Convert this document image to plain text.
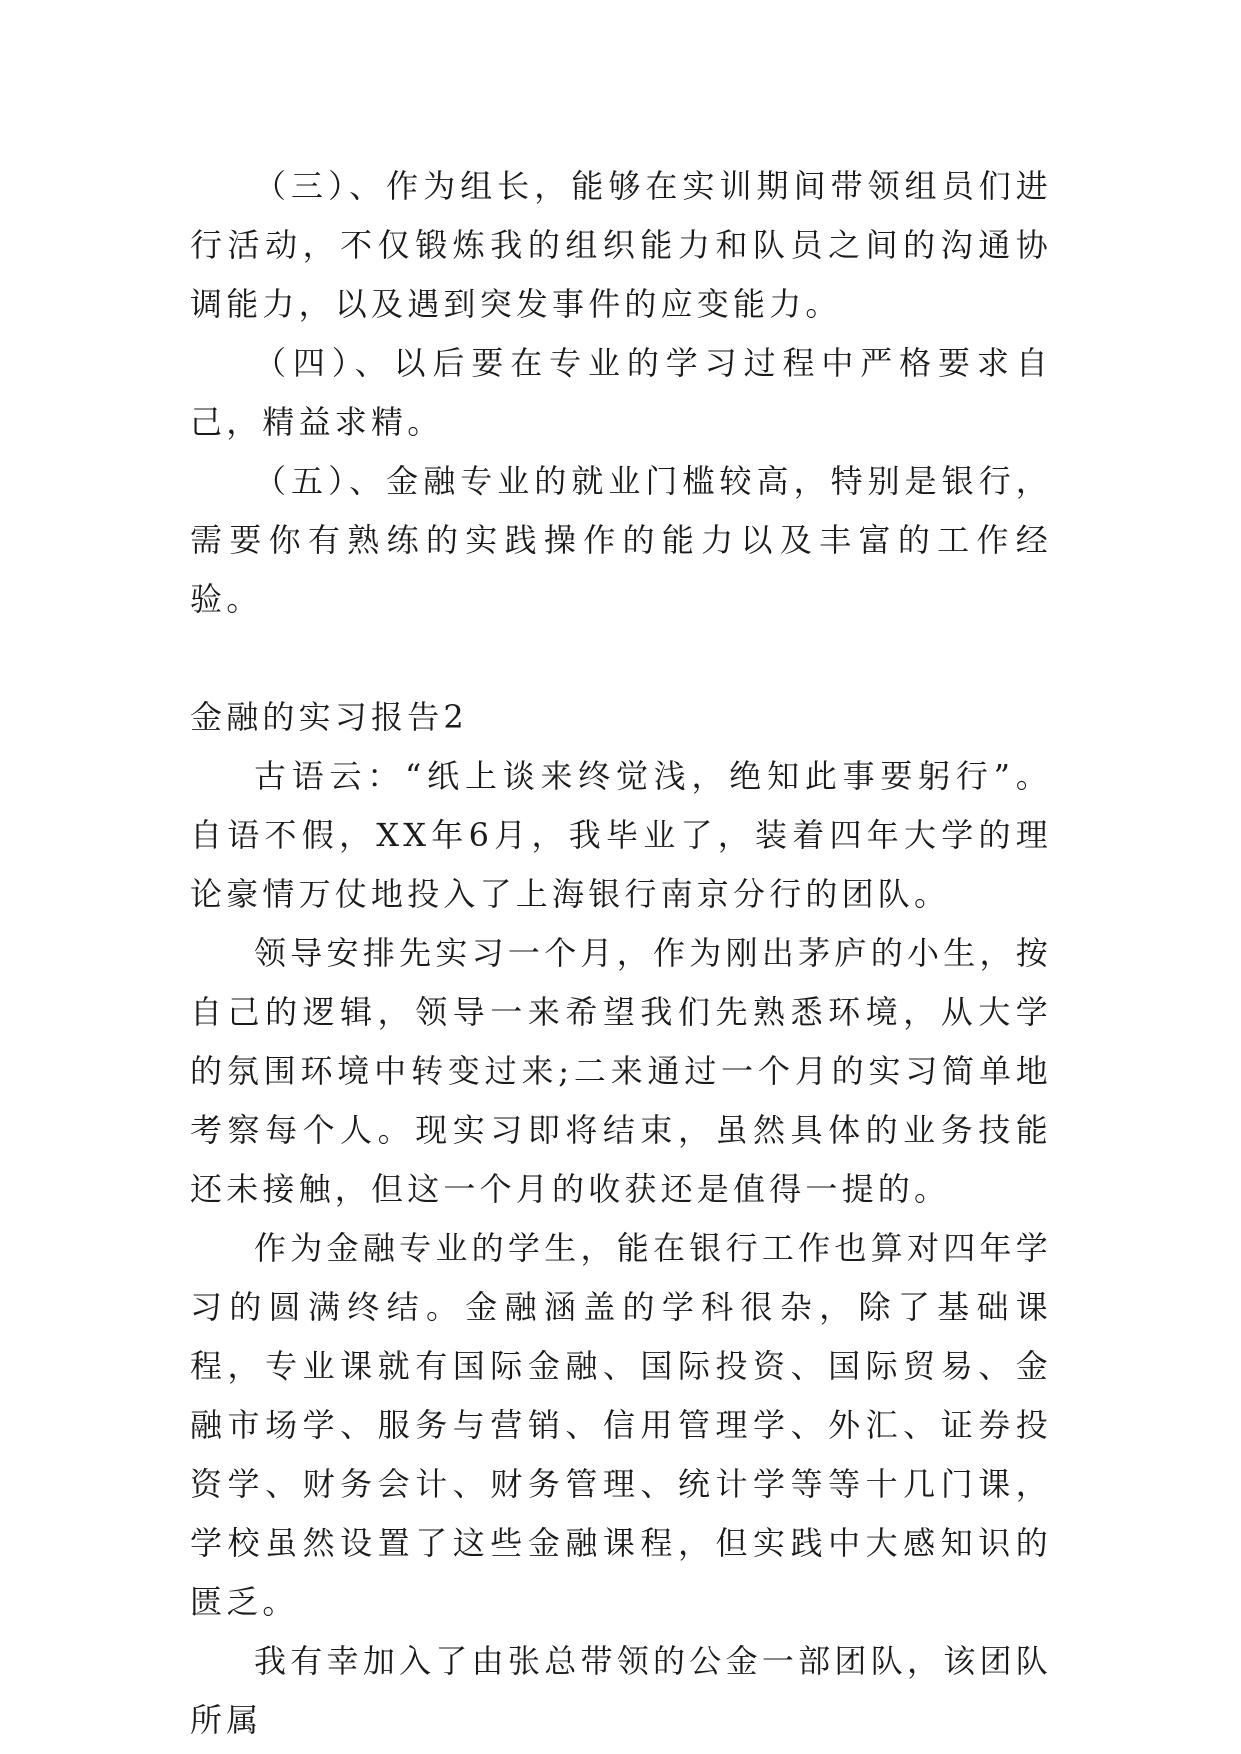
（三）、作为组长，能够在实训期间带领组员们进行活动，不仅锻炼我的组织能力和队员之间的沟通协调能力，以及遇到突发事件的应变能力。

（四）、以后要在专业的学习过程中严格要求自己，精益求精。

（五）、金融专业的就业门槛较高，特别是银行，需要你有熟练的实践操作的能力以及丰富的工作经验。

金融的实习报告2

古语云：“纸上谈来终觉浅，绝知此事要躬行”。自语不假，XX年6月，我毕业了，装着四年大学的理论豪情万仗地投入了上海银行南京分行的团队。

领导安排先实习一个月，作为刚出茅庐的小生，按自己的逻辑，领导一来希望我们先熟悉环境，从大学的氛围环境中转变过来;二来通过一个月的实习简单地考察每个人。现实习即将结束，虽然具体的业务技能还未接触，但这一个月的收获还是值得一提的。

作为金融专业的学生，能在银行工作也算对四年学习的圆满终结。金融涵盖的学科很杂，除了基础课程，专业课就有国际金融、国际投资、国际贸易、金融市场学、服务与营销、信用管理学、外汇、证券投资学、财务会计、财务管理、统计学等等十几门课，学校虽然设置了这些金融课程，但实践中大感知识的匮乏。

我有幸加入了由张总带领的公金一部团队，该团队所属
